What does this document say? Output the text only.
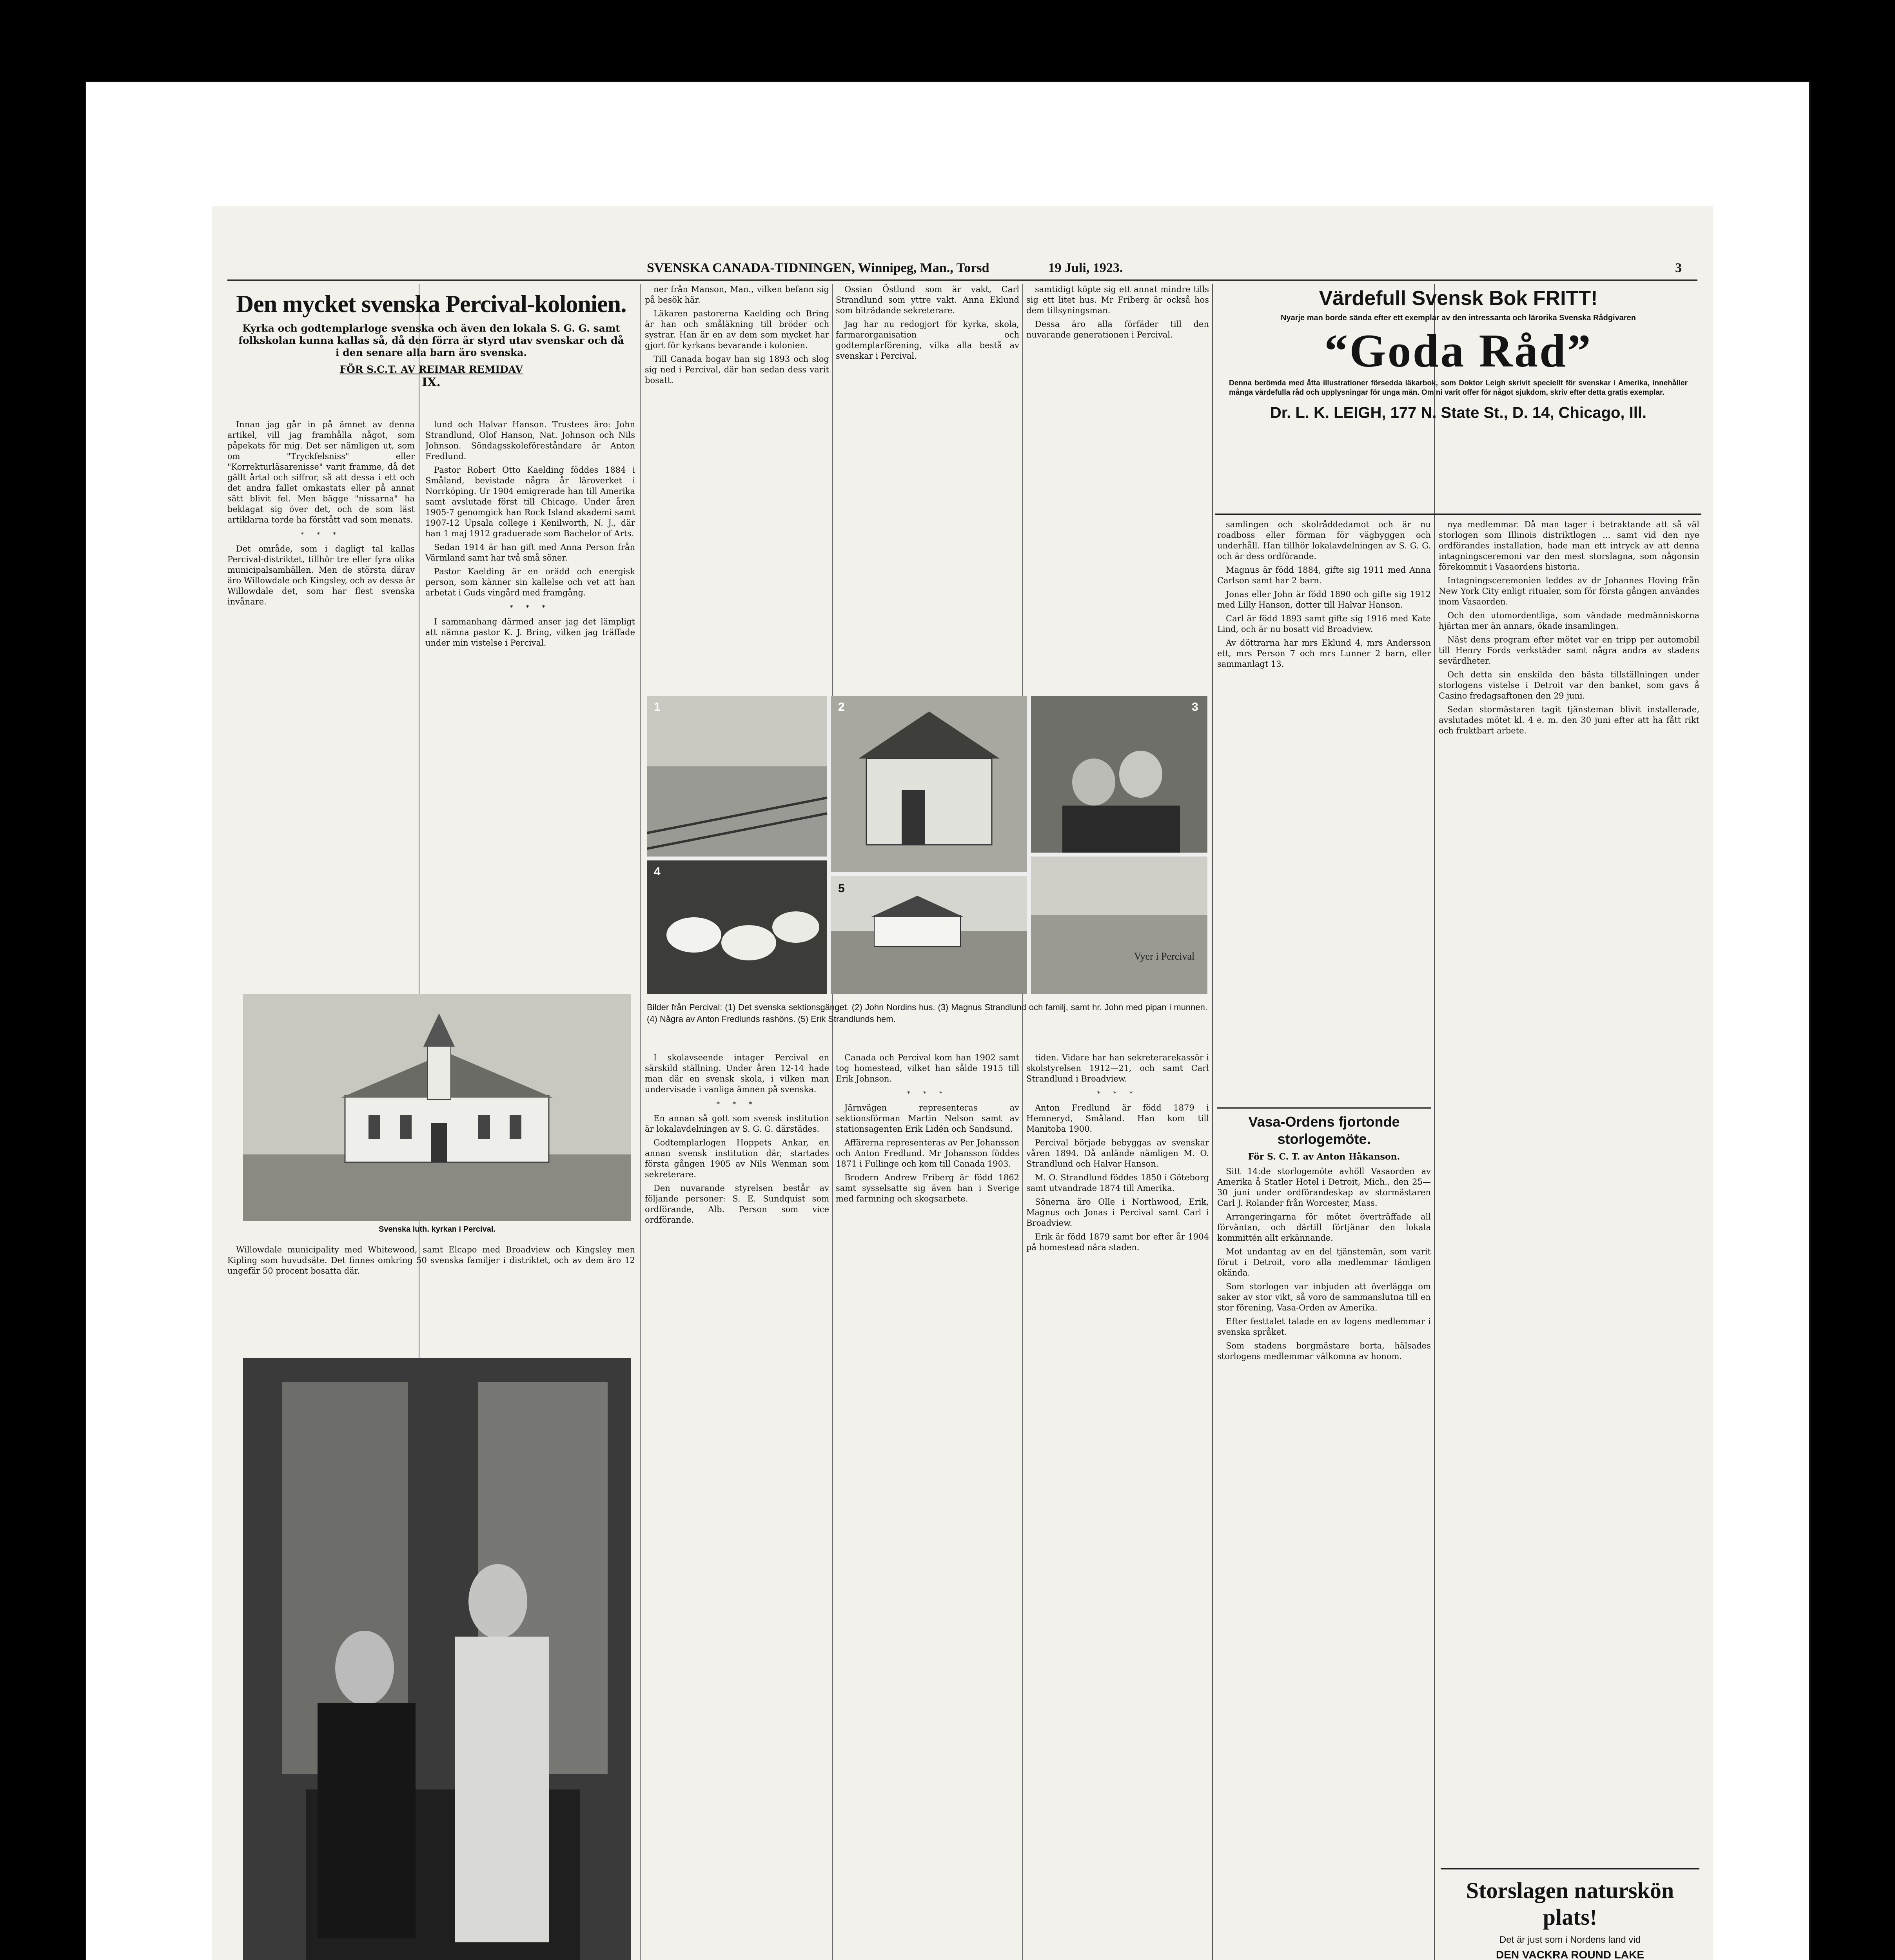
SVENSKA CANADA-TIDNINGEN, Winnipeg, Man., Torsd	19 Juli, 1923.	3
Den mycket svenska Percival-kolonien.
Kyrka och godtemplarloge svenska och även den lokala S. G. G. samt folkskolan kunna kallas så, då den förra är styrd utav svenskar och då i den senare alla barn äro svenska.
FÖR S.C.T. AV REIMAR REMIDAV
IX.

Innan jag går in på ämnet av denna artikel, vill jag framhålla något, som påpekats för mig. Det ser nämligen ut, som om "Tryckfelsniss" eller "Korrekturläsarenisse" varit framme, då det gällt årtal och siffror, så att dessa i ett och det andra fallet omkastats eller på annat sätt blivit fel. Men bägge "nissarna" ha beklagat sig över det, och de som läst artiklarna torde ha förstått vad som menats.

* * *

Det område, som i dagligt tal kallas Percival-distriktet, tillhör tre eller fyra olika municipalsamhällen. Men de största därav äro Willowdale och Kingsley, och av dessa är Willowdale det, som har flest svenska invånare.

lund och Halvar Hanson. Trustees äro: John Strandlund, Olof Hanson, Nat. Johnson och Nils Johnson. Söndagsskoleföreståndare är Anton Fredlund.

Pastor Robert Otto Kaelding föddes 1884 i Småland, bevistade några år läroverket i Norrköping. Ur 1904 emigrerade han till Amerika samt avslutade först till Chicago. Under åren 1905-7 genomgick han Rock Island akademi samt 1907-12 Upsala college i Kenilworth, N. J., där han 1 maj 1912 graduerade som Bachelor of Arts.

Sedan 1914 är han gift med Anna Person från Värmland samt har två små söner.

Pastor Kaelding är en orädd och energisk person, som känner sin kallelse och vet att han arbetat i Guds vingård med framgång.

* * *

I sammanhang därmed anser jag det lämpligt att nämna pastor K. J. Bring, vilken jag träffade under min vistelse i Percival.

Svenska luth. kyrkan i Percival.

Willowdale municipality med Whitewood, samt Elcapo med Broadview och Kingsley men Kipling som huvudsäte. Det finnes omkring 50 svenska familjer i distriktet, och av dem äro 12 ungefär 50 procent bosatta där.

ner från Manson, Man., vilken befann sig på besök här.

Läkaren pastorerna Kaelding och Bring är han och småläkning till bröder och systrar. Han är en av dem som mycket har gjort för kyrkans bevarande i kolonien.

Till Canada bogav han sig 1893 och slog sig ned i Percival, där han sedan dess varit bosatt.

Ossian Östlund som är vakt, Carl Strandlund som yttre vakt. Anna Eklund som biträdande sekreterare.

Jag har nu redogjort för kyrka, skola, farmarorganisation och godtemplarförening, vilka alla bestå av svenskar i Percival.

samtidigt köpte sig ett annat mindre tills sig ett litet hus. Mr Friberg är också hos dem tillsyningsman.

Dessa äro alla förfäder till den nuvarande generationen i Percival.

1	2	3
4
5
Vyer i Percival
Bilder från Percival: (1) Det svenska sektionsgänget. (2) John Nordins hus. (3) Magnus Strandlund och familj, samt hr. John med pipan i munnen. (4) Några av Anton Fredlunds rashöns. (5) Erik Strandlunds hem.

I skolavseende intager Percival en särskild ställning. Under åren 12-14 hade man där en svensk skola, i vilken man undervisade i vanliga ämnen på svenska.

* * *

En annan så gott som svensk institution är lokalavdelningen av S. G. G. därstädes.

Godtemplarlogen Hoppets Ankar, en annan svensk institution där, startades första gången 1905 av Nils Wenman som sekreterare.

Den nuvarande styrelsen består av följande personer: S. E. Sundquist som ordförande, Alb. Person som vice ordförande.

Canada och Percival kom han 1902 samt tog homestead, vilket han sålde 1915 till Erik Johnson.

* * *

Järnvägen representeras av sektionsförman Martin Nelson samt av stationsagenten Erik Lidén och Sandsund.

Affärerna representeras av Per Johansson och Anton Fredlund. Mr Johansson föddes 1871 i Fullinge och kom till Canada 1903.

Brodern Andrew Friberg är född 1862 samt sysselsatte sig även han i Sverige med farmning och skogsarbete.

tiden. Vidare har han sekreterarekassör i skolstyrelsen 1912—21, och samt Carl Strandlund i Broadview.

* * *

Anton Fredlund är född 1879 i Hemneryd, Småland. Han kom till Manitoba 1900.

Percival började bebyggas av svenskar våren 1894. Då anlände nämligen M. O. Strandlund och Halvar Hanson.

M. O. Strandlund föddes 1850 i Göteborg samt utvandrade 1874 till Amerika.

Sönerna äro Olle i Northwood, Erik, Magnus och Jonas i Percival samt Carl i Broadview.

Erik är född 1879 samt bor efter år 1904 på homestead nära staden.

Värdefull Svensk Bok FRITT!
Nyarje man borde sända efter ett exemplar av den intressanta och lärorika Svenska Rådgivaren
“Goda Råd”
Denna berömda med åtta illustrationer försedda läkarbok, som Doktor Leigh skrivit speciellt för svenskar i Amerika, innehåller många värdefulla råd och upplysningar för unga män. Om ni varit offer för något sjukdom, skriv efter detta gratis exemplar.
Dr. L. K. LEIGH, 177 N. State St., D. 14, Chicago, Ill.

samlingen och skolråddedamot och är nu roadboss eller förman för vägbyggen och underhåll. Han tillhör lokalavdelningen av S. G. G. och är dess ordförande.

Magnus är född 1884, gifte sig 1911 med Anna Carlson samt har 2 barn.

Jonas eller John är född 1890 och gifte sig 1912 med Lilly Hanson, dotter till Halvar Hanson.

Carl är född 1893 samt gifte sig 1916 med Kate Lind, och är nu bosatt vid Broadview.

Av döttrarna har mrs Eklund 4, mrs Andersson ett, mrs Person 7 och mrs Lunner 2 barn, eller sammanlagt 13.

Vasa-Ordens fjortonde storlogemöte.
För S. C. T. av Anton Håkanson.

Sitt 14:de storlogemöte avhöll Vasaorden av Amerika å Statler Hotel i Detroit, Mich., den 25—30 juni under ordförandeskap av stormästaren Carl J. Rolander från Worcester, Mass.

Arrangeringarna för mötet överträffade all förväntan, och därtill förtjänar den lokala kommittén allt erkännande.

Mot undantag av en del tjänstemän, som varit förut i Detroit, voro alla medlemmar tämligen okända.

Som storlogen var inbjuden att överlägga om saker av stor vikt, så voro de sammanslutna till en stor förening, Vasa-Orden av Amerika.

Efter festtalet talade en av logens medlemmar i svenska språket.

Som stadens borgmästare borta, hälsades storlogens medlemmar välkomna av honom.

nya medlemmar. Då man tager i betraktande att så väl storlogen som Illinois distriktlogen ... samt vid den nye ordförandes installation, hade man ett intryck av att denna intagningsceremoni var den mest storslagna, som någonsin förekommit i Vasaordens historia.

Intagningsceremonien leddes av dr Johannes Hoving från New York City enligt ritualer, som för första gången användes inom Vasaorden.

Och den utomordentliga, som vändade medmänniskorna hjärtan mer än annars, ökade insamlingen.

Näst dens program efter mötet var en tripp per automobil till Henry Fords verkstäder samt några andra av stadens sevärdheter.

Och detta sin enskilda den bästa tillställningen under storlogens vistelse i Detroit var den banket, som gavs å Casino fredagsaftonen den 29 juni.

Sedan stormästaren tagit tjänsteman blivit installerade, avslutades mötet kl. 4 e. m. den 30 juni efter att ha fått rikt och fruktbart arbete.

Storslagen naturskön plats!
Det är just som i Nordens land vid
DEN VACKRA ROUND LAKE
